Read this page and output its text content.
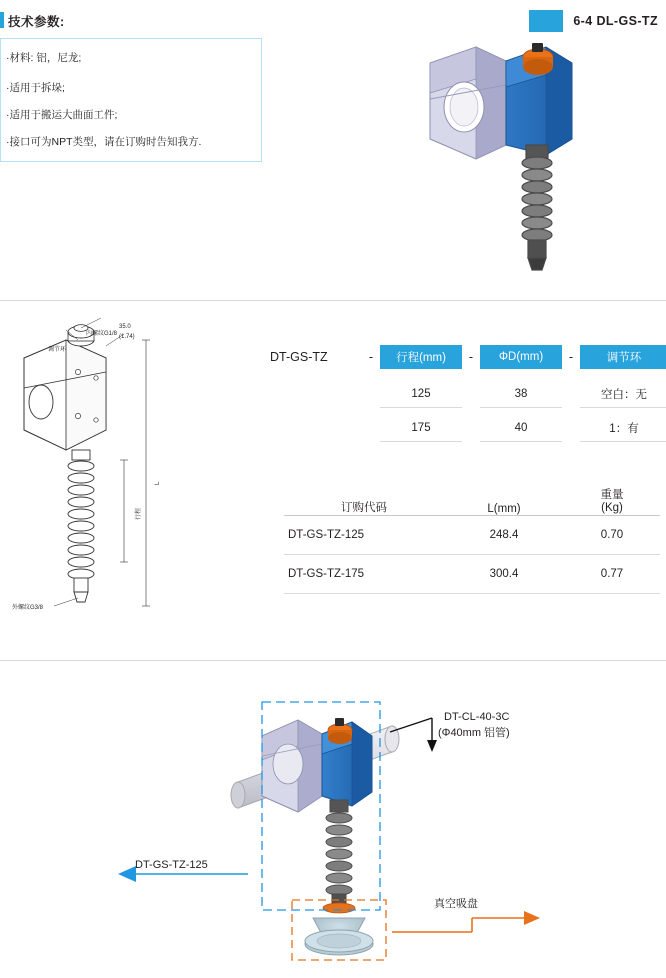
技术参数:
·材料: 铝，尼龙;
·适用于拆垛;
·适用于搬运大曲面工件;
·接口可为NPT类型，请在订购时告知我方.
6-4 DL-GS-TZ
内螺纹G1/8
调节环
35.0
(1.74)
L
行程
外螺纹G3/8
DT-GS-TZ	-	行程(mm)	-	ΦD(mm)	-	调节环
125	38	空白：无
175	40	1：有
订购代码	L(mm)
重量
(Kg)
DT-GS-TZ-125	248.4	0.70
DT-GS-TZ-175	300.4	0.77
DT-CL-40-3C
(Φ40mm 铝管)
DT-GS-TZ-125
真空吸盘
